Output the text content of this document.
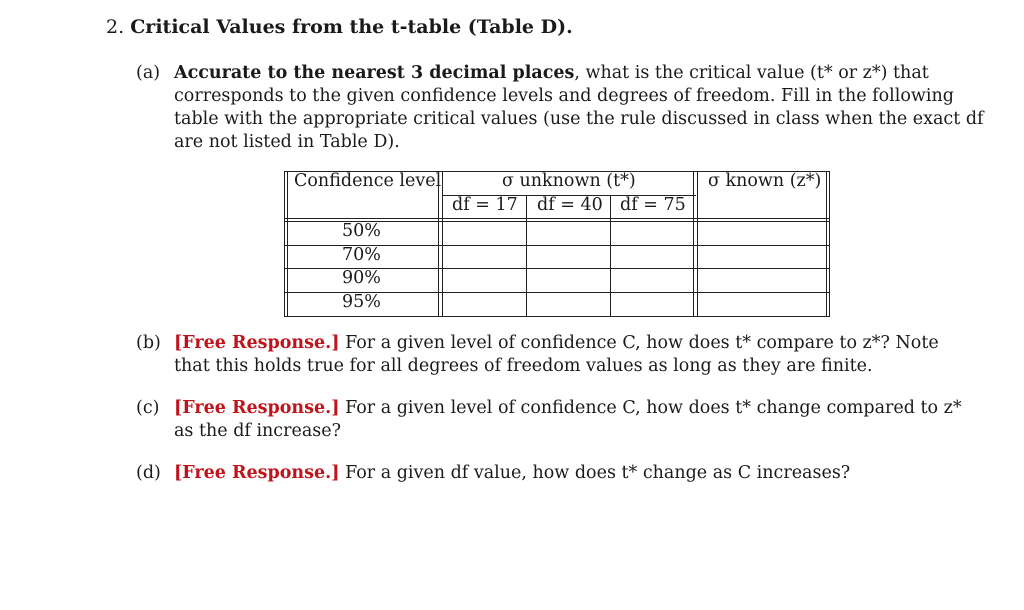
2. Critical Values from the t-table (Table D).
(a) Accurate to the nearest 3 decimal places, what is the critical value (t* or z*) that
corresponds to the given confidence levels and degrees of freedom. Fill in the following
table with the appropriate critical values (use the rule discussed in class when the exact df
are not listed in Table D).
Confidence level	σ unknown (t*)	σ known (z*)
df = 17 df = 40 df = 75
50%
70%
90%
95%
(b) [Free Response.] For a given level of confidence C, how does t* compare to z*? Note
that this holds true for all degrees of freedom values as long as they are finite.
(c) [Free Response.] For a given level of confidence C, how does t* change compared to z*
as the df increase?
(d) [Free Response.] For a given df value, how does t* change as C increases?
